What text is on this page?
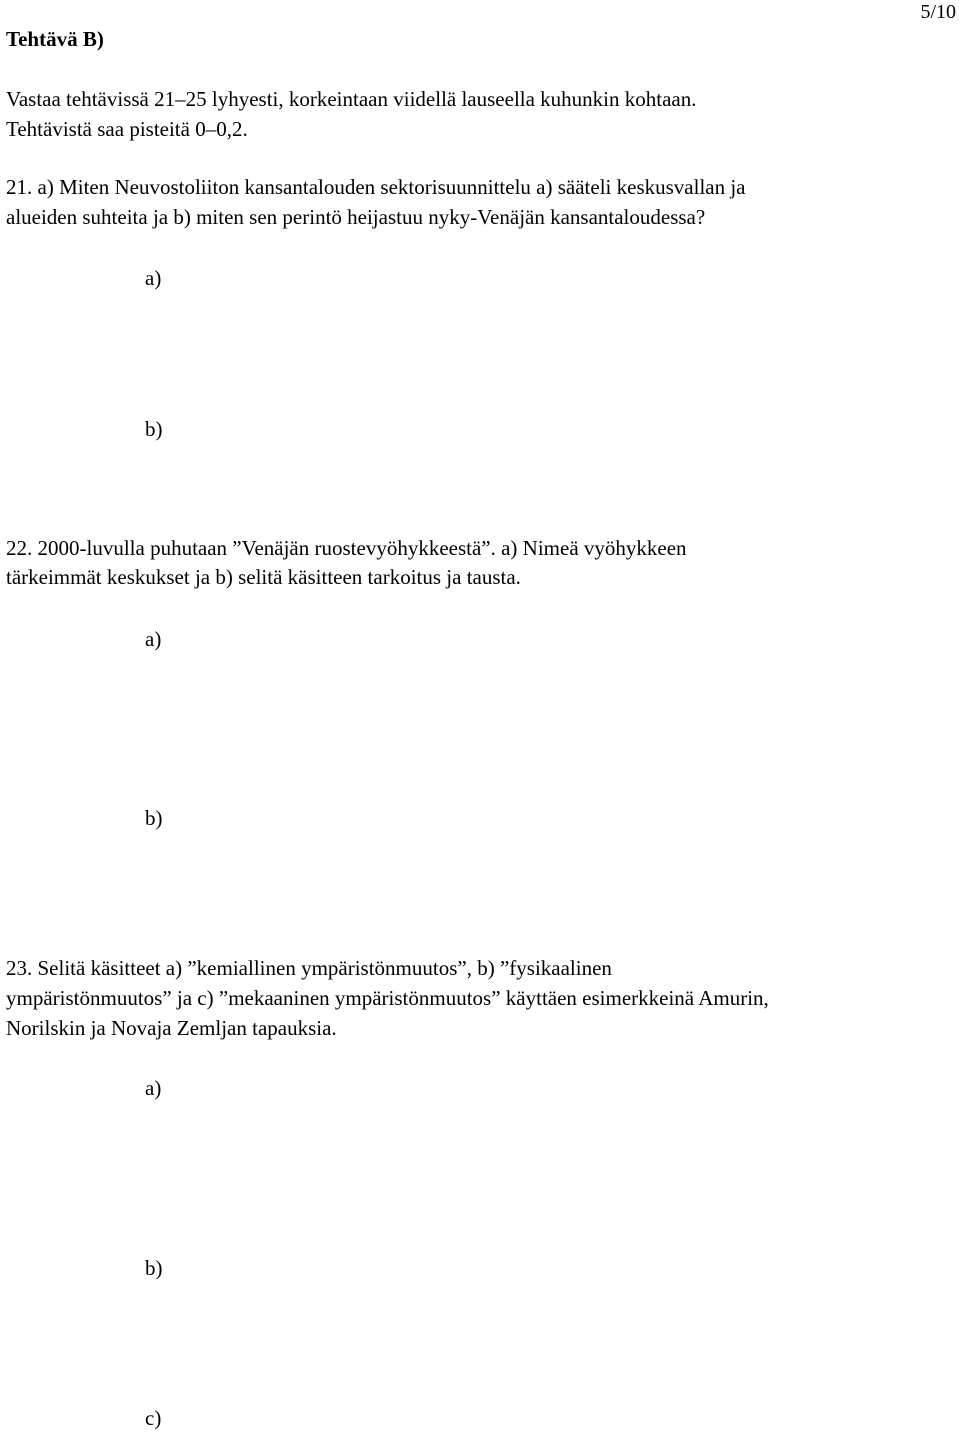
5/10
Tehtävä B)
Vastaa tehtävissä 21–25 lyhyesti, korkeintaan viidellä lauseella kuhunkin kohtaan.
Tehtävistä saa pisteitä 0–0,2.
21. a) Miten Neuvostoliiton kansantalouden sektorisuunnittelu a) sääteli keskusvallan ja
alueiden suhteita ja b) miten sen perintö heijastuu nyky-Venäjän kansantaloudessa?
a)
b)
22. 2000-luvulla puhutaan ”Venäjän ruostevyöhykkeestä”. a) Nimeä vyöhykkeen
tärkeimmät keskukset ja b) selitä käsitteen tarkoitus ja tausta.
a)
b)
23. Selitä käsitteet a) ”kemiallinen ympäristönmuutos”, b) ”fysikaalinen
ympäristönmuutos” ja c) ”mekaaninen ympäristönmuutos” käyttäen esimerkkeinä Amurin,
Norilskin ja Novaja Zemljan tapauksia.
a)
b)
c)
